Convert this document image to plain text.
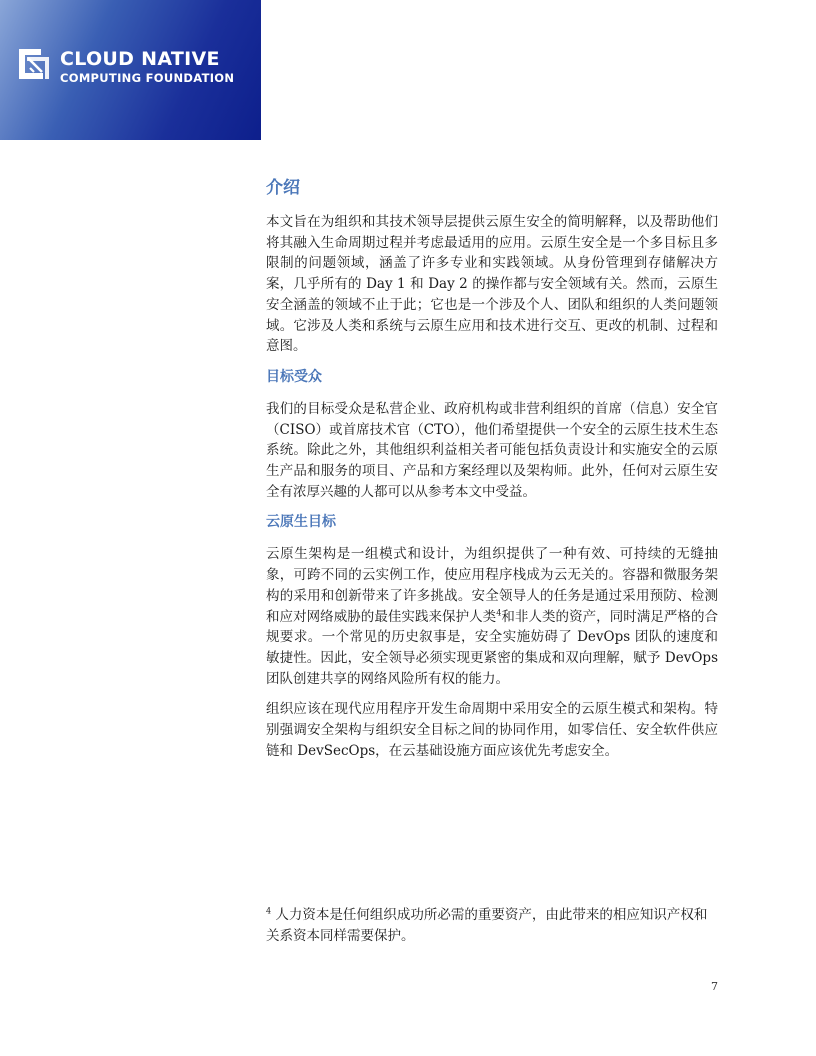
CLOUD NATIVE
COMPUTING FOUNDATION
介绍

本文旨在为组织和其技术领导层提供云原生安全的简明解释，以及帮助他们将其融入生命周期过程并考虑最适用的应用。云原生安全是一个多目标且多限制的问题领域，涵盖了许多专业和实践领域。从身份管理到存储解决方案，几乎所有的 Day 1 和 Day 2 的操作都与安全领域有关。然而，云原生安全涵盖的领域不止于此；它也是一个涉及个人、团队和组织的人类问题领域。它涉及人类和系统与云原生应用和技术进行交互、更改的机制、过程和意图。

目标受众

我们的目标受众是私营企业、政府机构或非营利组织的首席（信息）安全官（CISO）或首席技术官（CTO），他们希望提供一个安全的云原生技术生态系统。除此之外，其他组织利益相关者可能包括负责设计和实施安全的云原生产品和服务的项目、产品和方案经理以及架构师。此外，任何对云原生安全有浓厚兴趣的人都可以从参考本文中受益。

云原生目标

云原生架构是一组模式和设计，为组织提供了一种有效、可持续的无缝抽象，可跨不同的云实例工作，使应用程序栈成为云无关的。容器和微服务架构的采用和创新带来了许多挑战。安全领导人的任务是通过采用预防、检测和应对网络威胁的最佳实践来保护人类$^4$和非人类的资产，同时满足严格的合规要求。一个常见的历史叙事是，安全实施妨碍了 DevOps 团队的速度和敏捷性。因此，安全领导必须实现更紧密的集成和双向理解，赋予 DevOps 团队创建共享的网络风险所有权的能力。

组织应该在现代应用程序开发生命周期中采用安全的云原生模式和架构。特别强调安全架构与组织安全目标之间的协同作用，如零信任、安全软件供应链和 DevSecOps，在云基础设施方面应该优先考虑安全。

$^4$ 人力资本是任何组织成功所必需的重要资产，由此带来的相应知识产权和关系资本同样需要保护。
7
